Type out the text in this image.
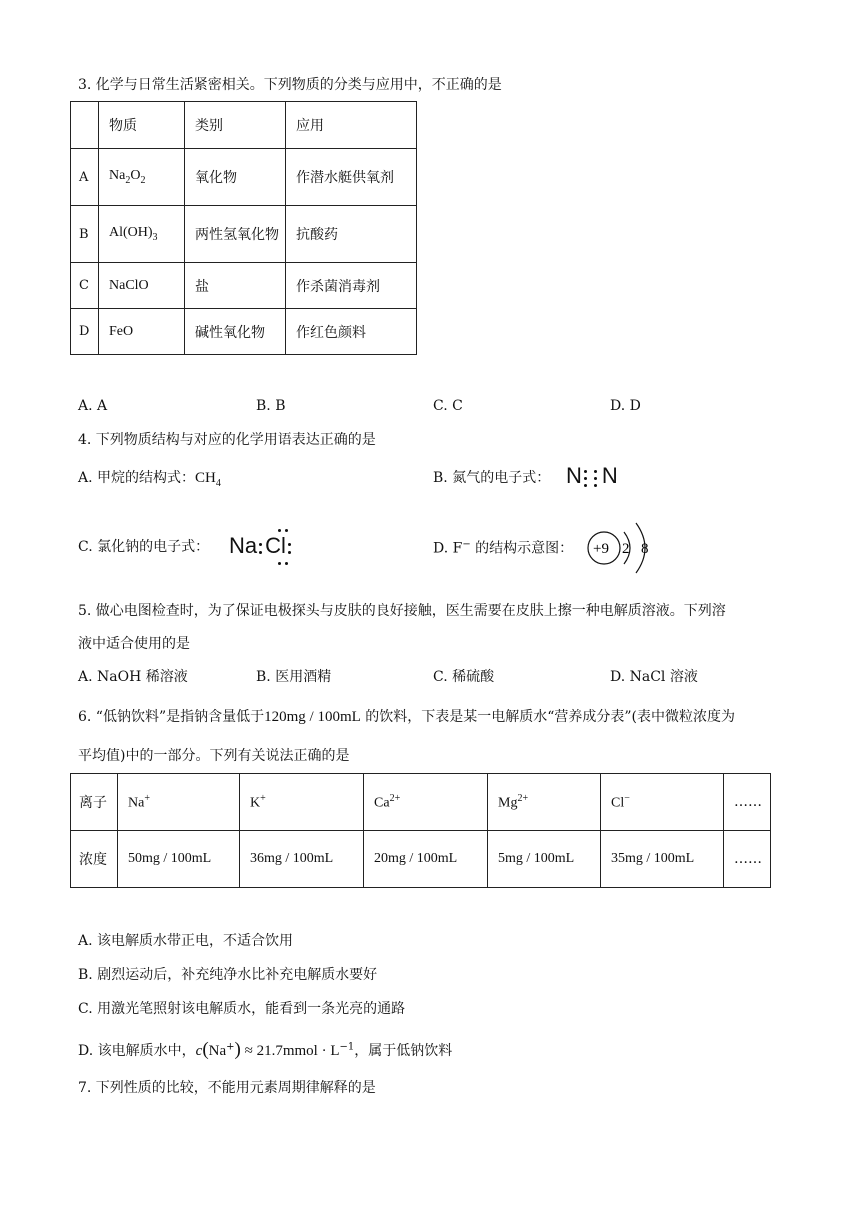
3. 化学与日常生活紧密相关。下列物质的分类与应用中，不正确的是
	物质	类别	应用
A	$Na_2O_2$	氧化物	作潜水艇供氧剂
B	$Al(OH)_3$	两性氢氧化物	抗酸药
C	NaClO	盐	作杀菌消毒剂
D	FeO	碱性氧化物	作红色颜料
A. A	B. B	C. C	D. D
4. 下列物质结构与对应的化学用语表达正确的是
A. 甲烷的结构式：$CH_4$	B. 氮气的电子式： N N
C. 氯化钠的电子式： Na Cl	D. F− 的结构示意图： +9 2 8
5. 做心电图检查时，为了保证电极探头与皮肤的良好接触，医生需要在皮肤上擦一种电解质溶液。下列溶
液中适合使用的是
A. NaOH 稀溶液	B. 医用酒精	C. 稀硫酸	D. NaCl 溶液
6. “低钠饮料”是指钠含量低于120mg / 100mL 的饮料，下表是某一电解质水“营养成分表”(表中微粒浓度为
平均值)中的一部分。下列有关说法正确的是
离子	Na+	K+	$Ca^{2+}$	$Mg^{2+}$	Cl−	……
浓度	50mg / 100mL	36mg / 100mL	20mg / 100mL	5mg / 100mL	35mg / 100mL	……
A. 该电解质水带正电，不适合饮用
B. 剧烈运动后，补充纯净水比补充电解质水要好
C. 用激光笔照射该电解质水，能看到一条光亮的通路
D. 该电解质水中，c(Na+) ≈ 21.7mmol · $L^{-1}$，属于低钠饮料
7. 下列性质的比较，不能用元素周期律解释的是
